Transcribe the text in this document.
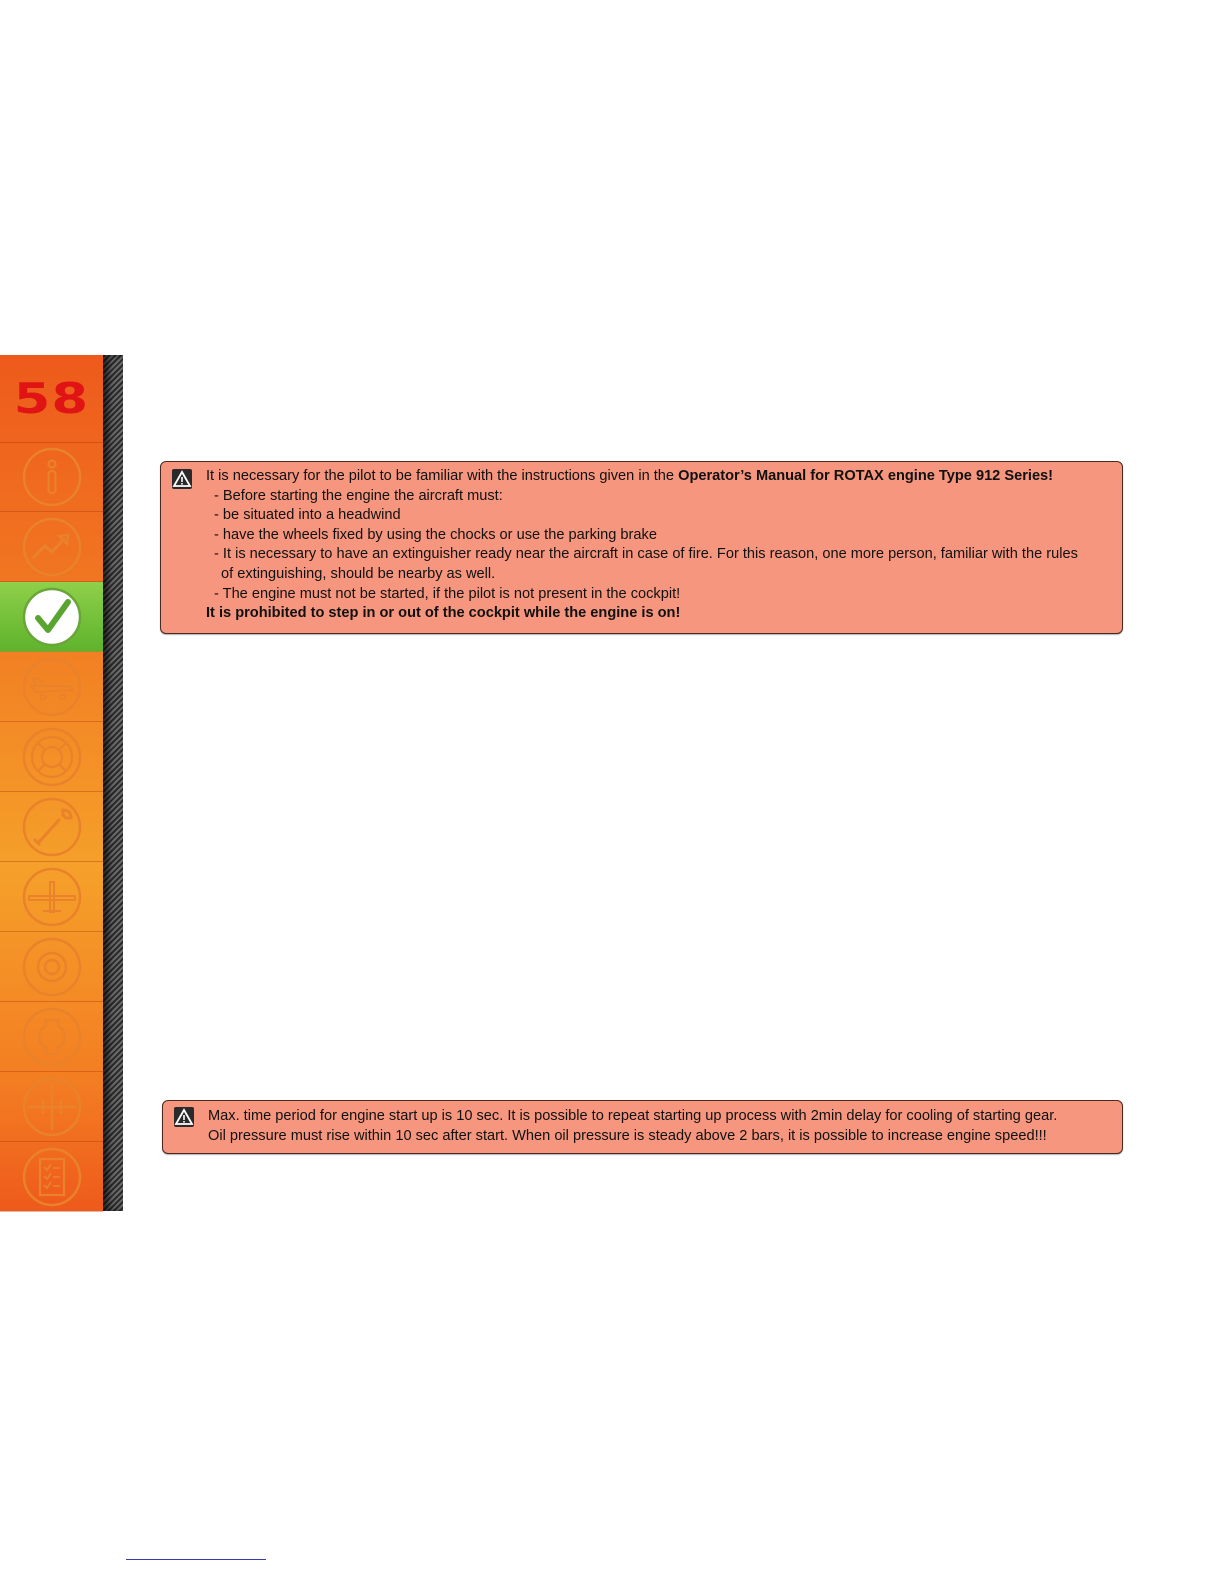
58

It is necessary for the pilot to be familiar with the instructions given in the Operator’s Manual for ROTAX engine Type 912 Series!

- Before starting the engine the aircraft must:

- be situated into a headwind

- have the wheels fixed by using the chocks or use the parking brake

- It is necessary to have an extinguisher ready near the aircraft in case of fire. For this reason, one more person, familiar with the rules

of extinguishing, should be nearby as well.

- The engine must not be started, if the pilot is not present in the cockpit!

It is prohibited to step in or out of the cockpit while the engine is on!

Max. time period for engine start up is 10 sec. It is possible to repeat starting up process with 2min delay for cooling of starting gear.

Oil pressure must rise within 10 sec after start. When oil pressure is steady above 2 bars, it is possible to increase engine speed!!!
